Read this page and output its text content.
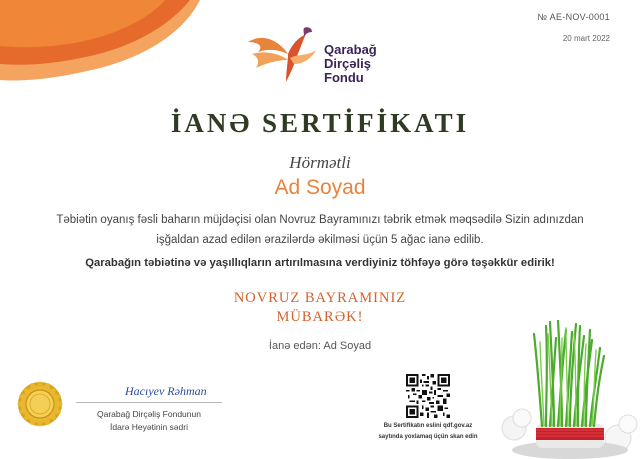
Qarabağ
Dirçəliş
Fondu
№ AE-NOV-0001
20 mart 2022
İANƏ SERTİFİKATI
Hörmətli
Ad Soyad
Təbiətin oyanış fəsli baharın müjdəçisi olan Novruz Bayramınızı təbrik etmək məqsədilə Sizin adınızdan işğaldan azad edilən ərazilərdə əkilməsi üçün 5 ağac ianə edilib.
Qarabağın təbiətinə və yaşıllıqların artırılmasına verdiyiniz töhfəyə görə təşəkkür edirik!
NOVRUZ BAYRAMINIZ
MÜBARƏK!
İanə edən: Ad Soyad
Hacıyev Rəhman
Qarabağ Dirçəliş Fondunun
İdarə Heyətinin sədri	Bu Sertifikatın eslini qdf.gov.az
saytında yoxlamaq üçün skan edin
